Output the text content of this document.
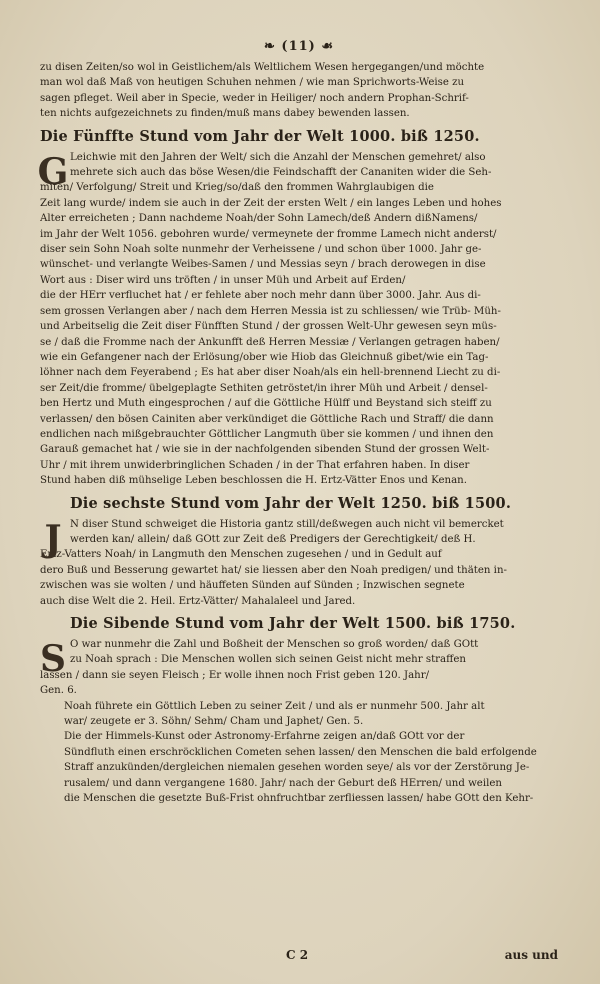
❧ (11) ☙

zu disen Zeiten/so wol in Geistlichem/als Weltlichem Wesen hergegangen/und möchte
man wol daß Maß von heutigen Schuhen nehmen / wie man Sprichworts-Weise zu
sagen pfleget. Weil aber in Specie, weder in Heiliger/ noch andern Prophan-Schrif-
ten nichts aufgezeichnets zu finden/muß mans dabey bewenden lassen.

Die Fünffte Stund vom Jahr der Welt 1000. biß 1250.
G Leichwie mit den Jahren der Welt/ sich die Anzahl der Menschen gemehret/ also
mehrete sich auch das böse Wesen/die Feindschafft der Cananiten wider die Seh-
miten/ Verfolgung/ Streit und Krieg/so/daß den frommen Wahrglaubigen die
Zeit lang wurde/ indem sie auch in der Zeit der ersten Welt / ein langes Leben und hohes
Alter erreicheten ; Dann nachdeme Noah/der Sohn Lamech/deß Andern dißNamens/
im Jahr der Welt 1056. gebohren wurde/ vermeynete der fromme Lamech nicht anderst/
diser sein Sohn Noah solte nunmehr der Verheissene / und schon über 1000. Jahr ge-
wünschet- und verlangte Weibes-Samen / und Messias seyn / brach derowegen in dise
Wort aus : Diser wird uns tröften / in unser Müh und Arbeit auf Erden/
die der HErr verfluchet hat / er fehlete aber noch mehr dann über 3000. Jahr. Aus di-
sem grossen Verlangen aber / nach dem Herren Messia ist zu schliessen/ wie Trüb- Müh-
und Arbeitselig die Zeit diser Fünfften Stund / der grossen Welt-Uhr gewesen seyn müs-
se / daß die Fromme nach der Ankunfft deß Herren Messiæ / Verlangen getragen haben/
wie ein Gefangener nach der Erlösung/ober wie Hiob das Gleichnuß gibet/wie ein Tag-
löhner nach dem Feyerabend ; Es hat aber diser Noah/als ein hell-brennend Liecht zu di-
ser Zeit/die fromme/ übelgeplagte Sethiten getröstet/in ihrer Müh und Arbeit / densel-
ben Hertz und Muth eingesprochen / auf die Göttliche Hülff und Beystand sich steiff zu
verlassen/ den bösen Cainiten aber verkündiget die Göttliche Rach und Straff/ die dann
endlichen nach mißgebrauchter Göttlicher Langmuth über sie kommen / und ihnen den
Garauß gemachet hat / wie sie in der nachfolgenden sibenden Stund der grossen Welt-
Uhr / mit ihrem unwiderbringlichen Schaden / in der That erfahren haben. In diser
Stund haben diß mühselige Leben beschlossen die H. Ertz-Vätter Enos und Kenan.

Die sechste Stund vom Jahr der Welt 1250. biß 1500.
J N diser Stund schweiget die Historia gantz still/deßwegen auch nicht vil bemercket
werden kan/ allein/ daß GOtt zur Zeit deß Predigers der Gerechtigkeit/ deß H.
Ertz-Vatters Noah/ in Langmuth den Menschen zugesehen / und in Gedult auf
dero Buß und Besserung gewartet hat/ sie liessen aber den Noah predigen/ und thäten in-
zwischen was sie wolten / und häuffeten Sünden auf Sünden ; Inzwischen segnete
auch dise Welt die 2. Heil. Ertz-Vätter/ Mahalaleel und Jared.

Die Sibende Stund vom Jahr der Welt 1500. biß 1750.
S O war nunmehr die Zahl und Boßheit der Menschen so groß worden/ daß GOtt
zu Noah sprach : Die Menschen wollen sich seinen Geist nicht mehr straffen
lassen / dann sie seyen Fleisch ; Er wolle ihnen noch Frist geben 120. Jahr/
Gen. 6.

Noah führete ein Göttlich Leben zu seiner Zeit / und als er nunmehr 500. Jahr alt
war/ zeugete er 3. Söhn/ Sehm/ Cham und Japhet/ Gen. 5.
Die der Himmels-Kunst oder Astronomy-Erfahrne zeigen an/daß GOtt vor der
Sündfluth einen erschröcklichen Cometen sehen lassen/ den Menschen die bald erfolgende
Straff anzukünden/dergleichen niemalen gesehen worden seye/ als vor der Zerstörung Je-
rusalem/ und dann vergangene 1680. Jahr/ nach der Geburt deß HErren/ und weilen
die Menschen die gesetzte Buß-Frist ohnfruchtbar zerfliessen lassen/ habe GOtt den Kehr-

C 2	aus und
